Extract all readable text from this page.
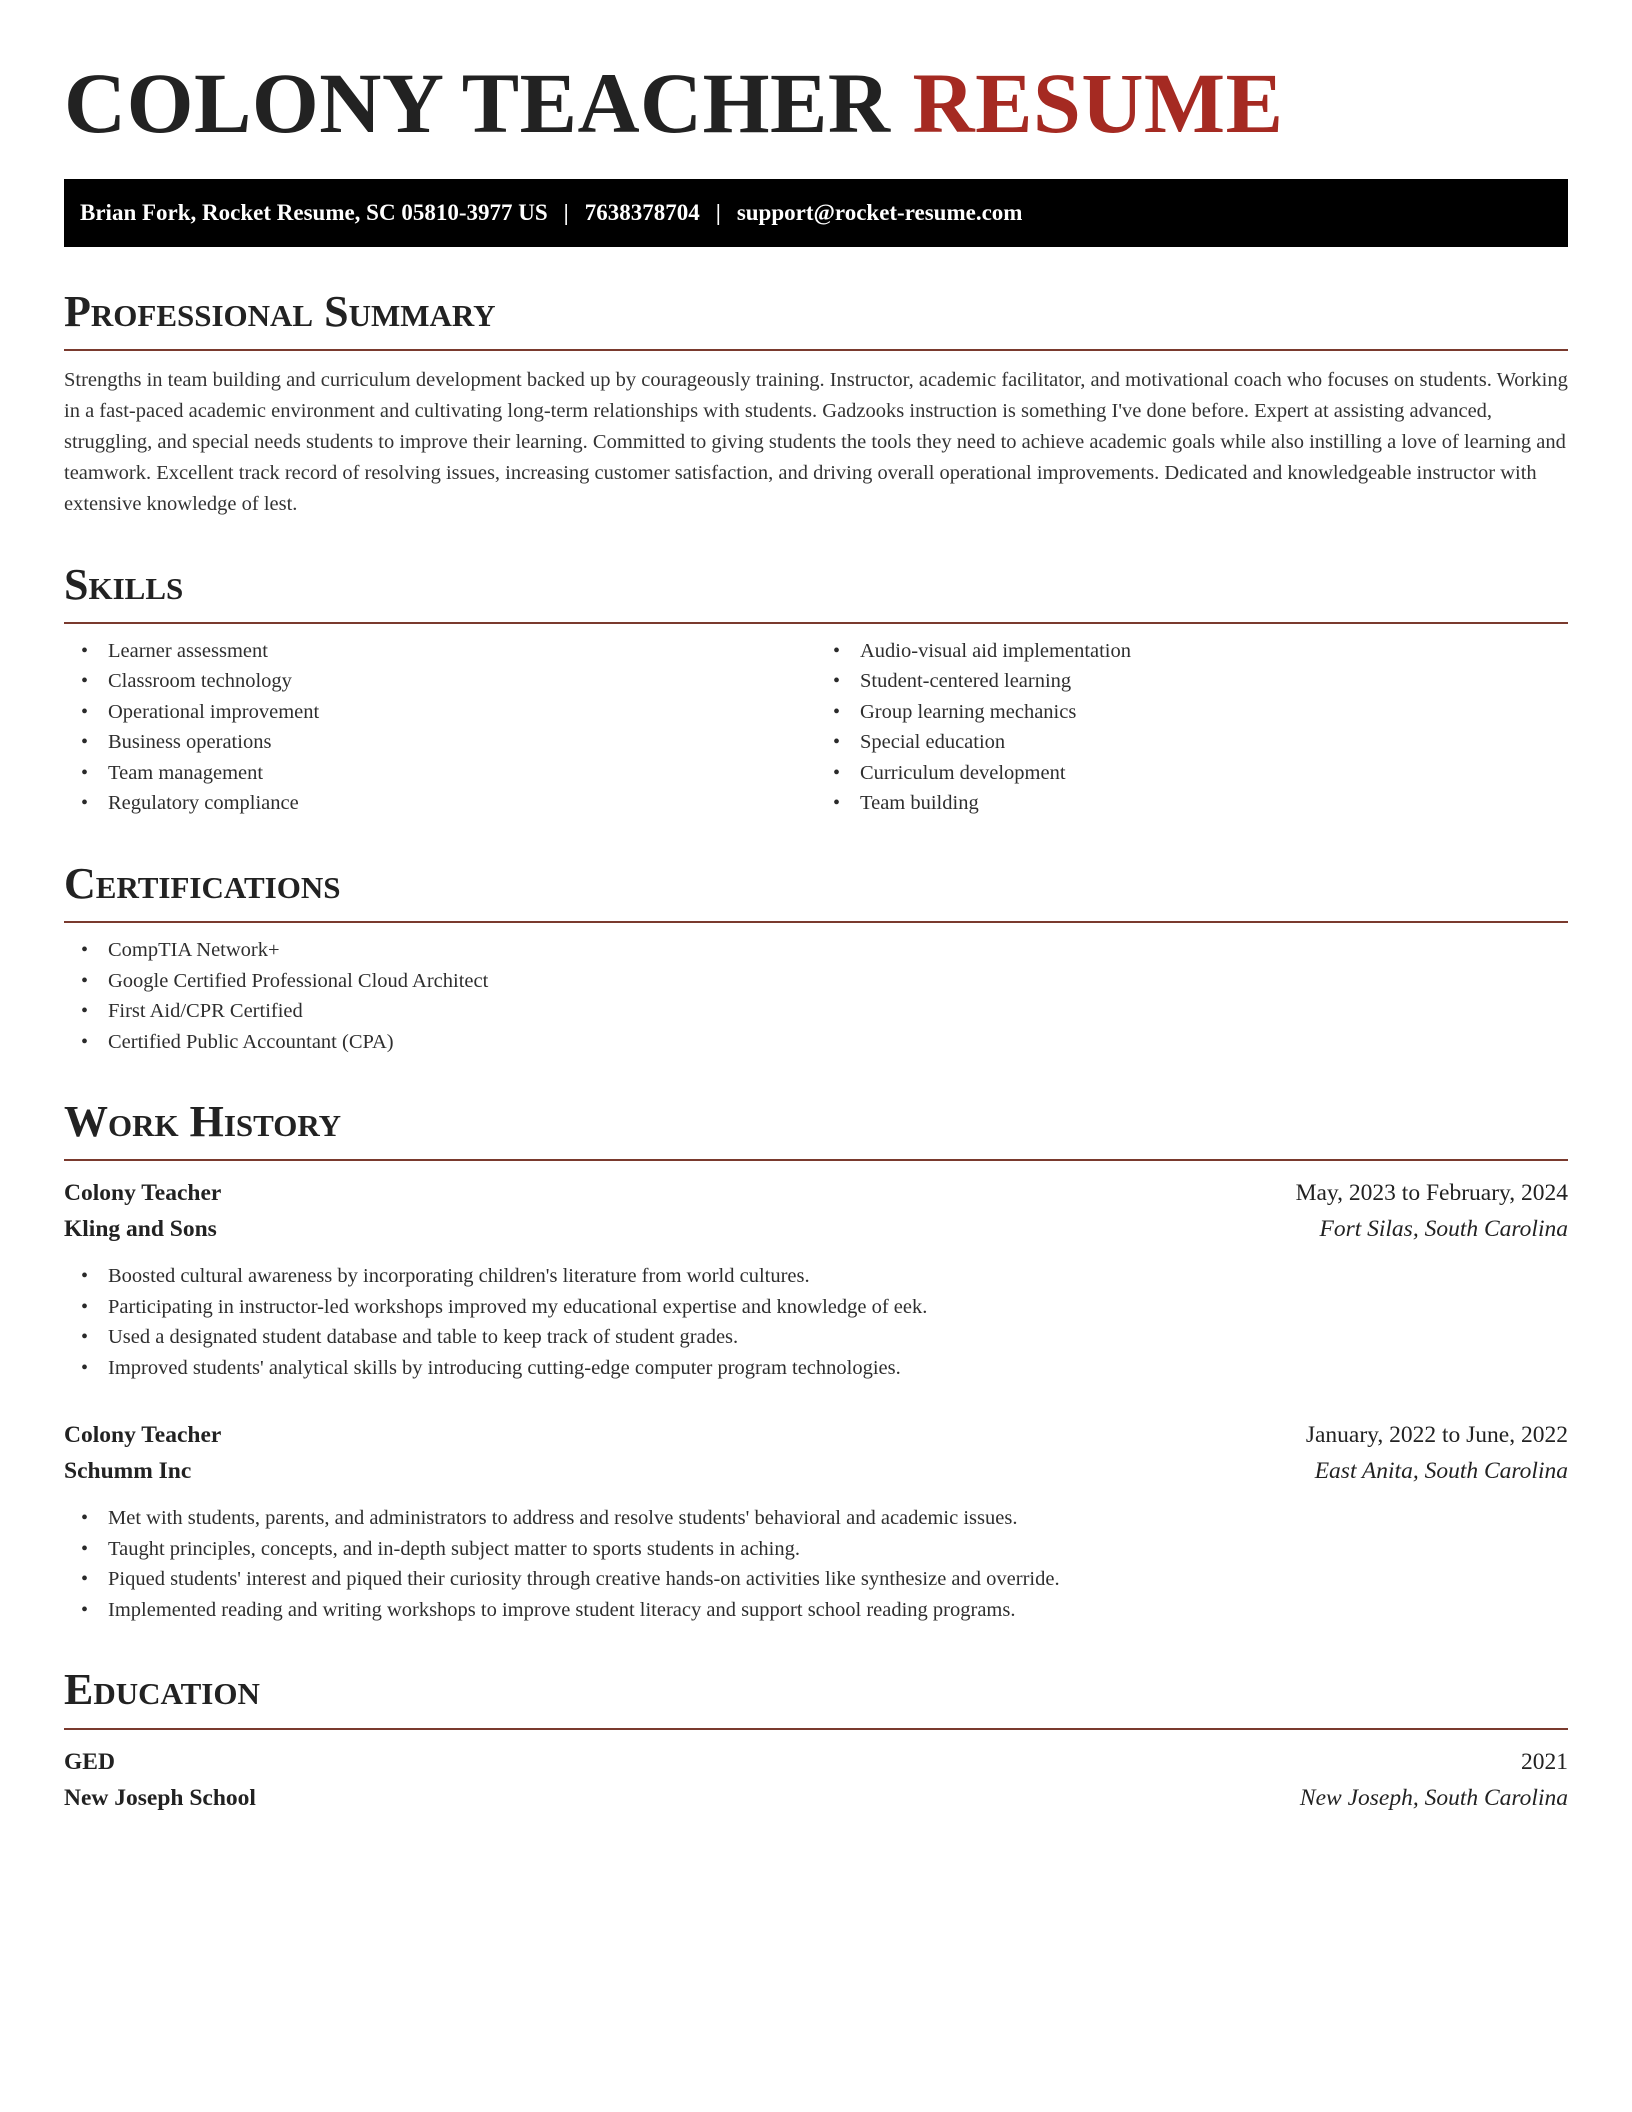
COLONY TEACHER RESUME
Brian Fork, Rocket Resume, SC 05810-3977 US | 7638378704 | support@rocket-resume.com
Professional Summary

Strengths in team building and curriculum development backed up by courageously training. Instructor, academic facilitator, and motivational coach who focuses on students. Working in a fast-paced academic environment and cultivating long-term relationships with students. Gadzooks instruction is something I've done before. Expert at assisting advanced, struggling, and special needs students to improve their learning. Committed to giving students the tools they need to achieve academic goals while also instilling a love of learning and teamwork. Excellent track record of resolving issues, increasing customer satisfaction, and driving overall operational improvements. Dedicated and knowledgeable instructor with extensive knowledge of lest.

Skills
• Learner assessment
• Classroom technology
• Operational improvement
• Business operations
• Team management
• Regulatory compliance
• Audio-visual aid implementation
• Student-centered learning
• Group learning mechanics
• Special education
• Curriculum development
• Team building
Certifications
• CompTIA Network+
• Google Certified Professional Cloud Architect
• First Aid/CPR Certified
• Certified Public Accountant (CPA)
Work History
Colony Teacher	May, 2023 to February, 2024
Kling and Sons	Fort Silas, South Carolina
• Boosted cultural awareness by incorporating children's literature from world cultures.
• Participating in instructor-led workshops improved my educational expertise and knowledge of eek.
• Used a designated student database and table to keep track of student grades.
• Improved students' analytical skills by introducing cutting-edge computer program technologies.
Colony Teacher	January, 2022 to June, 2022
Schumm Inc	East Anita, South Carolina
• Met with students, parents, and administrators to address and resolve students' behavioral and academic issues.
• Taught principles, concepts, and in-depth subject matter to sports students in aching.
• Piqued students' interest and piqued their curiosity through creative hands-on activities like synthesize and override.
• Implemented reading and writing workshops to improve student literacy and support school reading programs.
Education
GED	2021
New Joseph School	New Joseph, South Carolina
